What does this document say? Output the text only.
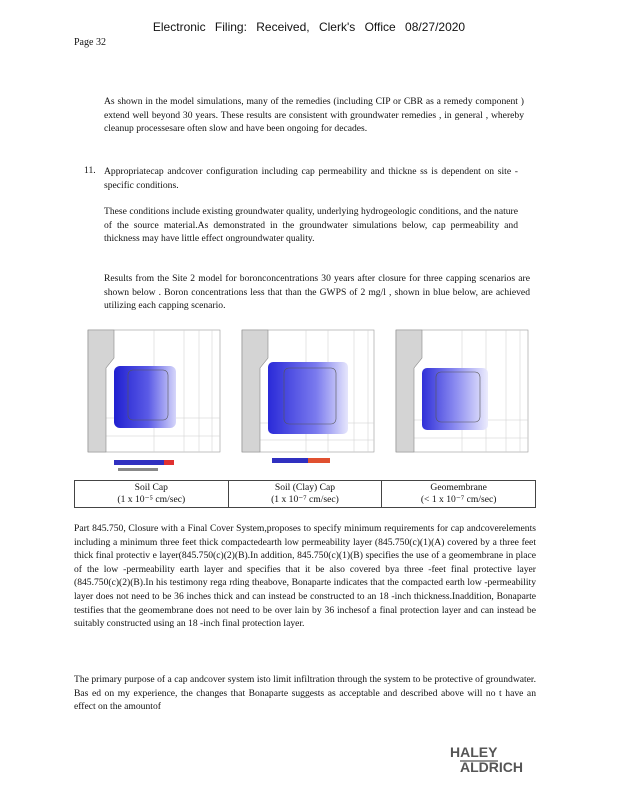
Electronic Filing: Received, Clerk's Office 08/27/2020
Page 32

As shown in the model simulations, many of the remedies (including CIP or CBR as a remedy component ) extend well beyond 30 years. These results are consistent with groundwater remedies , in general , whereby cleanup processesare often slow and have been ongoing for decades.

11. Appropriatecap andcover configuration including cap permeability and thickne ss is dependent on site -specific conditions.

These conditions include existing groundwater quality, underlying hydrogeologic conditions, and the nature of the source material.As demonstrated in the groundwater simulations below, cap permeability and thickness may have little effect ongroundwater quality.

Results from the Site 2 model for boronconcentrations 30 years after closure for three capping scenarios are shown below . Boron concentrations less that than the GWPS of 2 mg/l , shown in blue below, are achieved utilizing each capping scenario.

Soil Cap
(1 x 10⁻⁵ cm/sec)

Soil (Clay) Cap
(1 x 10⁻⁷ cm/sec)

Geomembrane
(< 1 x 10⁻⁷ cm/sec)

Part 845.750, Closure with a Final Cover System,proposes to specify minimum requirements for cap andcoverelements including a minimum three feet thick compactedearth low permeability layer (845.750(c)(1)(A) covered by a three feet thick final protectiv e layer(845.750(c)(2)(B).In addition, 845.750(c)(1)(B) specifies the use of a geomembrane in place of the low -permeability earth layer and specifies that it be also covered bya three -feet final protective layer (845.750(c)(2)(B).In his testimony rega rding theabove, Bonaparte indicates that the compacted earth low -permeability layer does not need to be 36 inches thick and can instead be constructed to an 18 -inch thickness.Inaddition, Bonaparte testifies that the geomembrane does not need to be over lain by 36 inchesof a final protection layer and can instead be suitably constructed using an 18 -inch final protection layer.

The primary purpose of a cap andcover system isto limit infiltration through the system to be protective of groundwater. Bas ed on my experience, the changes that Bonaparte suggests as acceptable and described above will no t have an effect on the amountof

HALEY
ALDRICH
